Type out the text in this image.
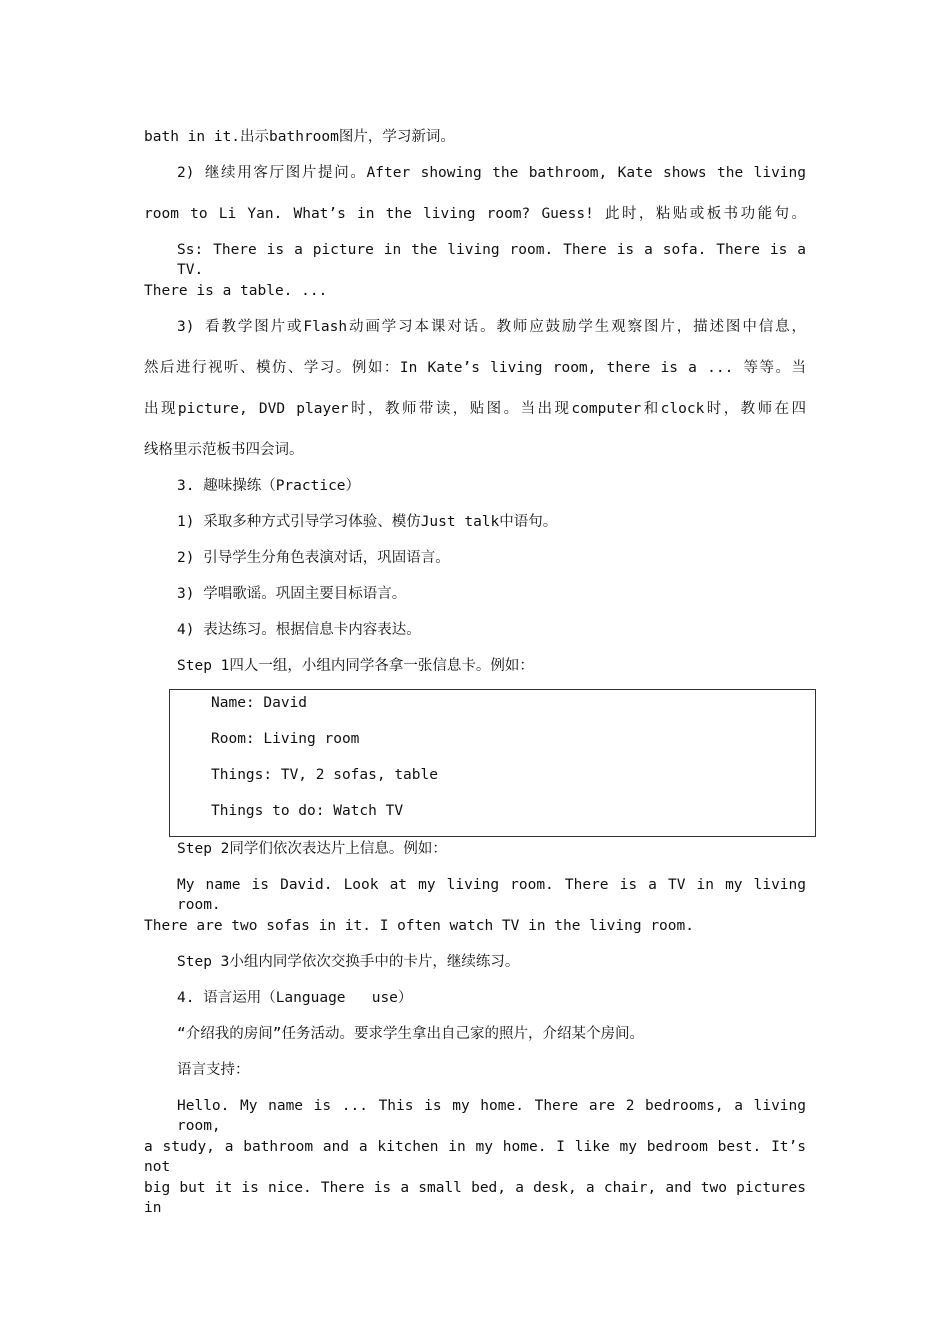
bath in it.出示bathroom图片，学习新词。
2) 继续用客厅图片提问。After showing the bathroom, Kate shows the living
room to Li Yan. What’s in the living room? Guess! 此时，粘贴或板书功能句。
Ss: There is a picture in the living room. There is a sofa. There is a TV.
There is a table. ...
3) 看教学图片或Flash动画学习本课对话。教师应鼓励学生观察图片，描述图中信息，
然后进行视听、模仿、学习。例如：In Kate’s living room, there is a ... 等等。当
出现picture, DVD player时，教师带读，贴图。当出现computer和clock时，教师在四
线格里示范板书四会词。
3. 趣味操练（Practice）
1) 采取多种方式引导学习体验、模仿Just talk中语句。
2) 引导学生分角色表演对话，巩固语言。
3) 学唱歌谣。巩固主要目标语言。
4) 表达练习。根据信息卡内容表达。
Step 1四人一组，小组内同学各拿一张信息卡。例如：
Name: David
Room: Living room
Things: TV, 2 sofas, table
Things to do: Watch TV
Step 2同学们依次表达片上信息。例如：
My name is David. Look at my living room. There is a TV in my living room.
There are two sofas in it. I often watch TV in the living room.
Step 3小组内同学依次交换手中的卡片，继续练习。
4. 语言运用（Language   use）
“介绍我的房间”任务活动。要求学生拿出自己家的照片，介绍某个房间。
语言支持：
Hello. My name is ... This is my home. There are 2 bedrooms, a living room,
a study, a bathroom and a kitchen in my home. I like my bedroom best. It’s not
big but it is nice. There is a small bed, a desk, a chair, and two pictures in
